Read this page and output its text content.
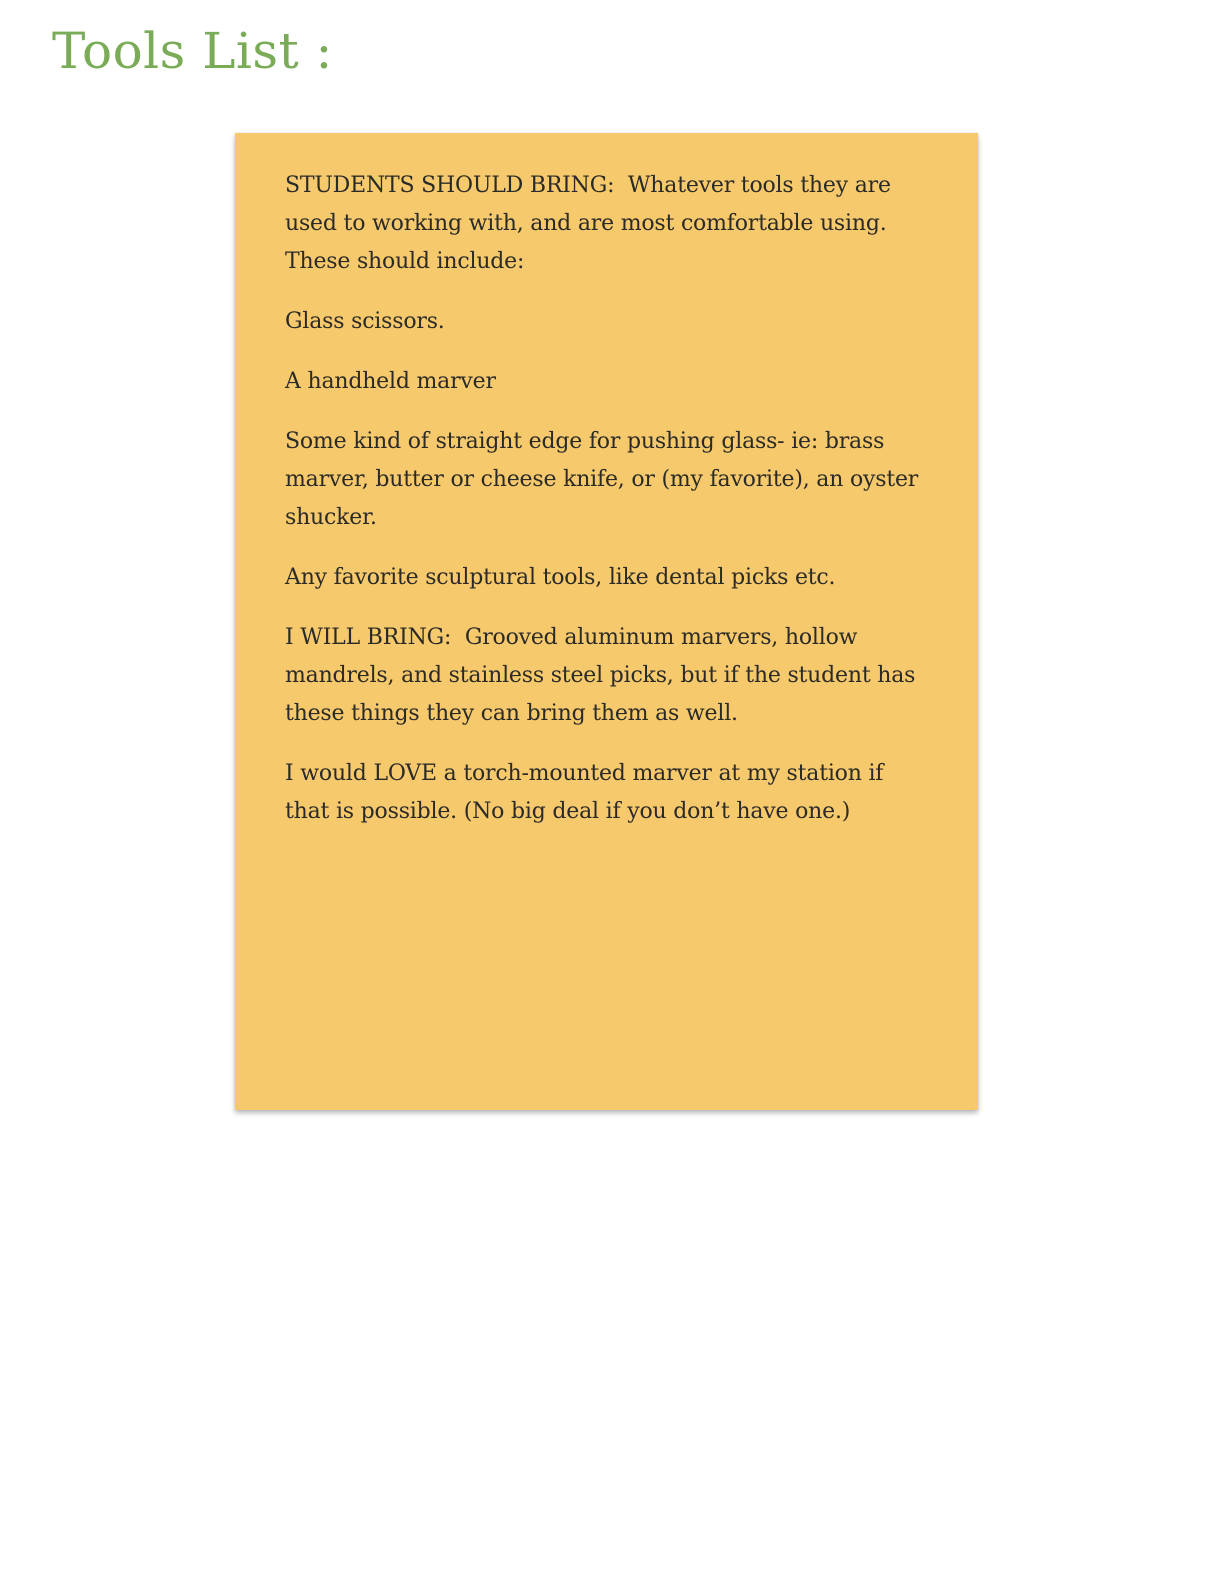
Tools List :

STUDENTS SHOULD BRING:  Whatever tools they are used to working with, and are most comfortable using. These should include:

Glass scissors.

A handheld marver

Some kind of straight edge for pushing glass- ie: brass marver, butter or cheese knife, or (my favorite), an oyster shucker.

Any favorite sculptural tools, like dental picks etc.

I WILL BRING:  Grooved aluminum marvers, hollow mandrels, and stainless steel picks, but if the student has these things they can bring them as well.

I would LOVE a torch-mounted marver at my station if that is possible. (No big deal if you don’t have one.)
